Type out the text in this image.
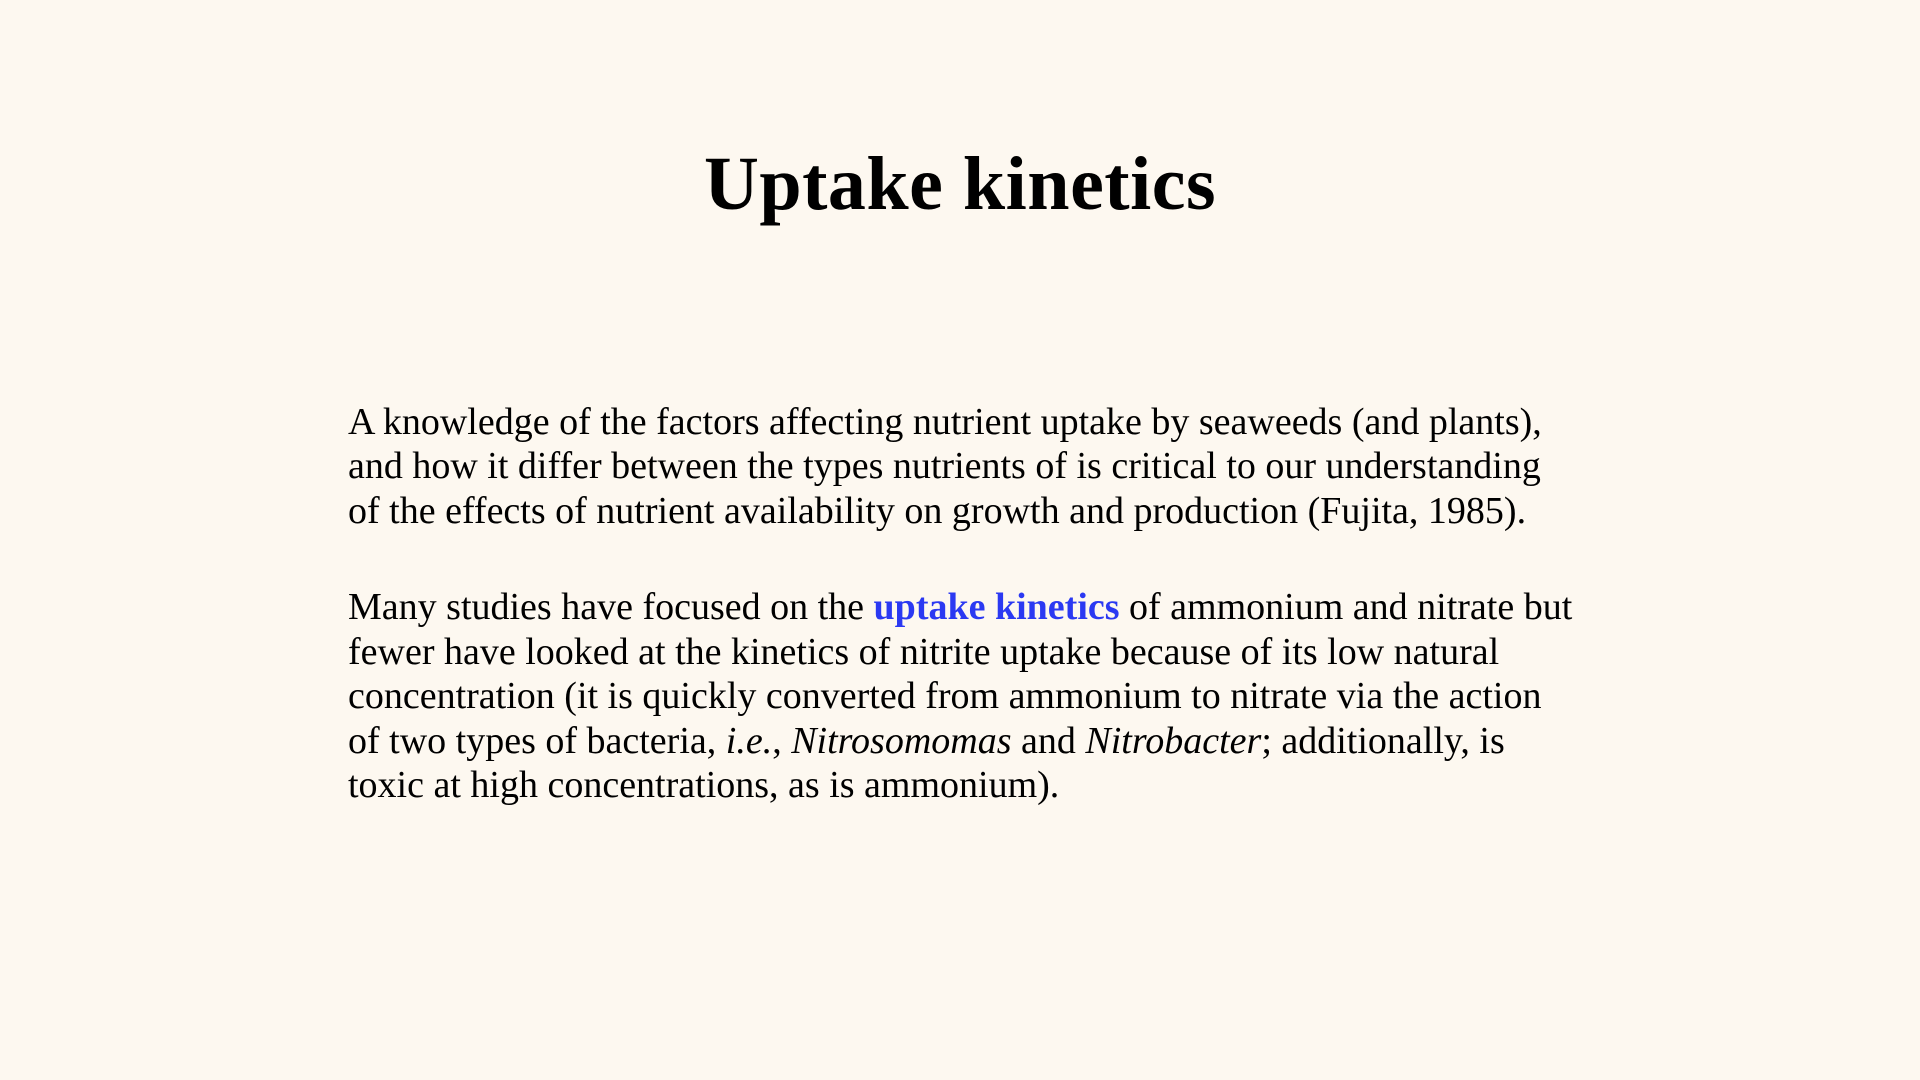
Uptake kinetics

A knowledge of the factors affecting nutrient uptake by seaweeds (and plants), and how it differ between the types nutrients of is critical to our understanding of the effects of nutrient availability on growth and production (Fujita, 1985).

Many studies have focused on the uptake kinetics of ammonium and nitrate but fewer have looked at the kinetics of nitrite uptake because of its low natural concentration (it is quickly converted from ammonium to nitrate via the action of two types of bacteria, i.e., Nitrosomomas and Nitrobacter; additionally, is toxic at high concentrations, as is ammonium).
